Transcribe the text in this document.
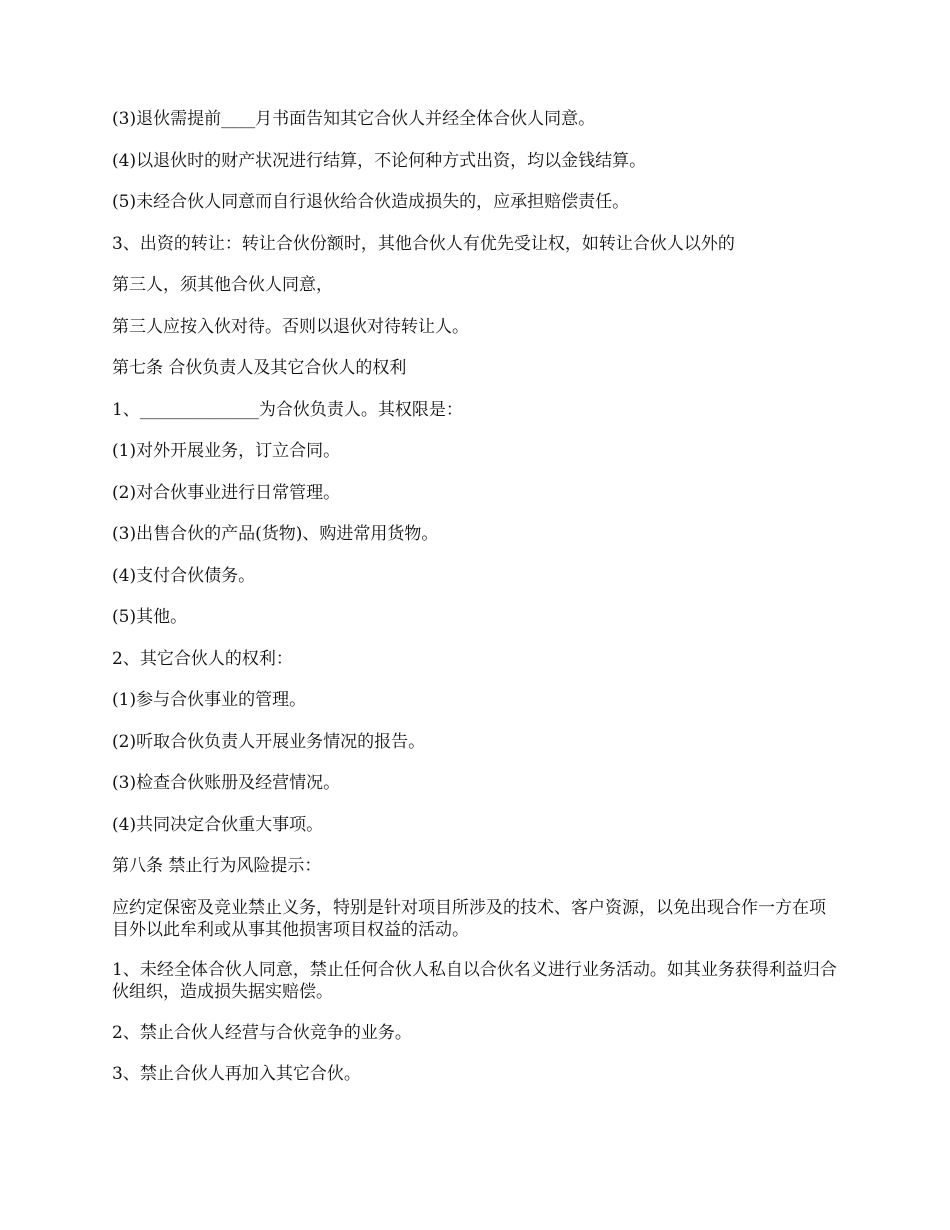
(3)退伙需提前____月书面告知其它合伙人并经全体合伙人同意。

(4)以退伙时的财产状况进行结算，不论何种方式出资，均以金钱结算。

(5)未经合伙人同意而自行退伙给合伙造成损失的，应承担赔偿责任。

3、出资的转让：转让合伙份额时，其他合伙人有优先受让权，如转让合伙人以外的

第三人，须其他合伙人同意，

第三人应按入伙对待。否则以退伙对待转让人。

第七条 合伙负责人及其它合伙人的权利

1、______________为合伙负责人。其权限是：

(1)对外开展业务，订立合同。

(2)对合伙事业进行日常管理。

(3)出售合伙的产品(货物)、购进常用货物。

(4)支付合伙债务。

(5)其他。

2、其它合伙人的权利：

(1)参与合伙事业的管理。

(2)听取合伙负责人开展业务情况的报告。

(3)检查合伙账册及经营情况。

(4)共同决定合伙重大事项。

第八条 禁止行为风险提示：

应约定保密及竞业禁止义务，特别是针对项目所涉及的技术、客户资源，以免出现合作一方在项目外以此牟利或从事其他损害项目权益的活动。

1、未经全体合伙人同意，禁止任何合伙人私自以合伙名义进行业务活动。如其业务获得利益归合伙组织，造成损失据实赔偿。

2、禁止合伙人经营与合伙竞争的业务。

3、禁止合伙人再加入其它合伙。
